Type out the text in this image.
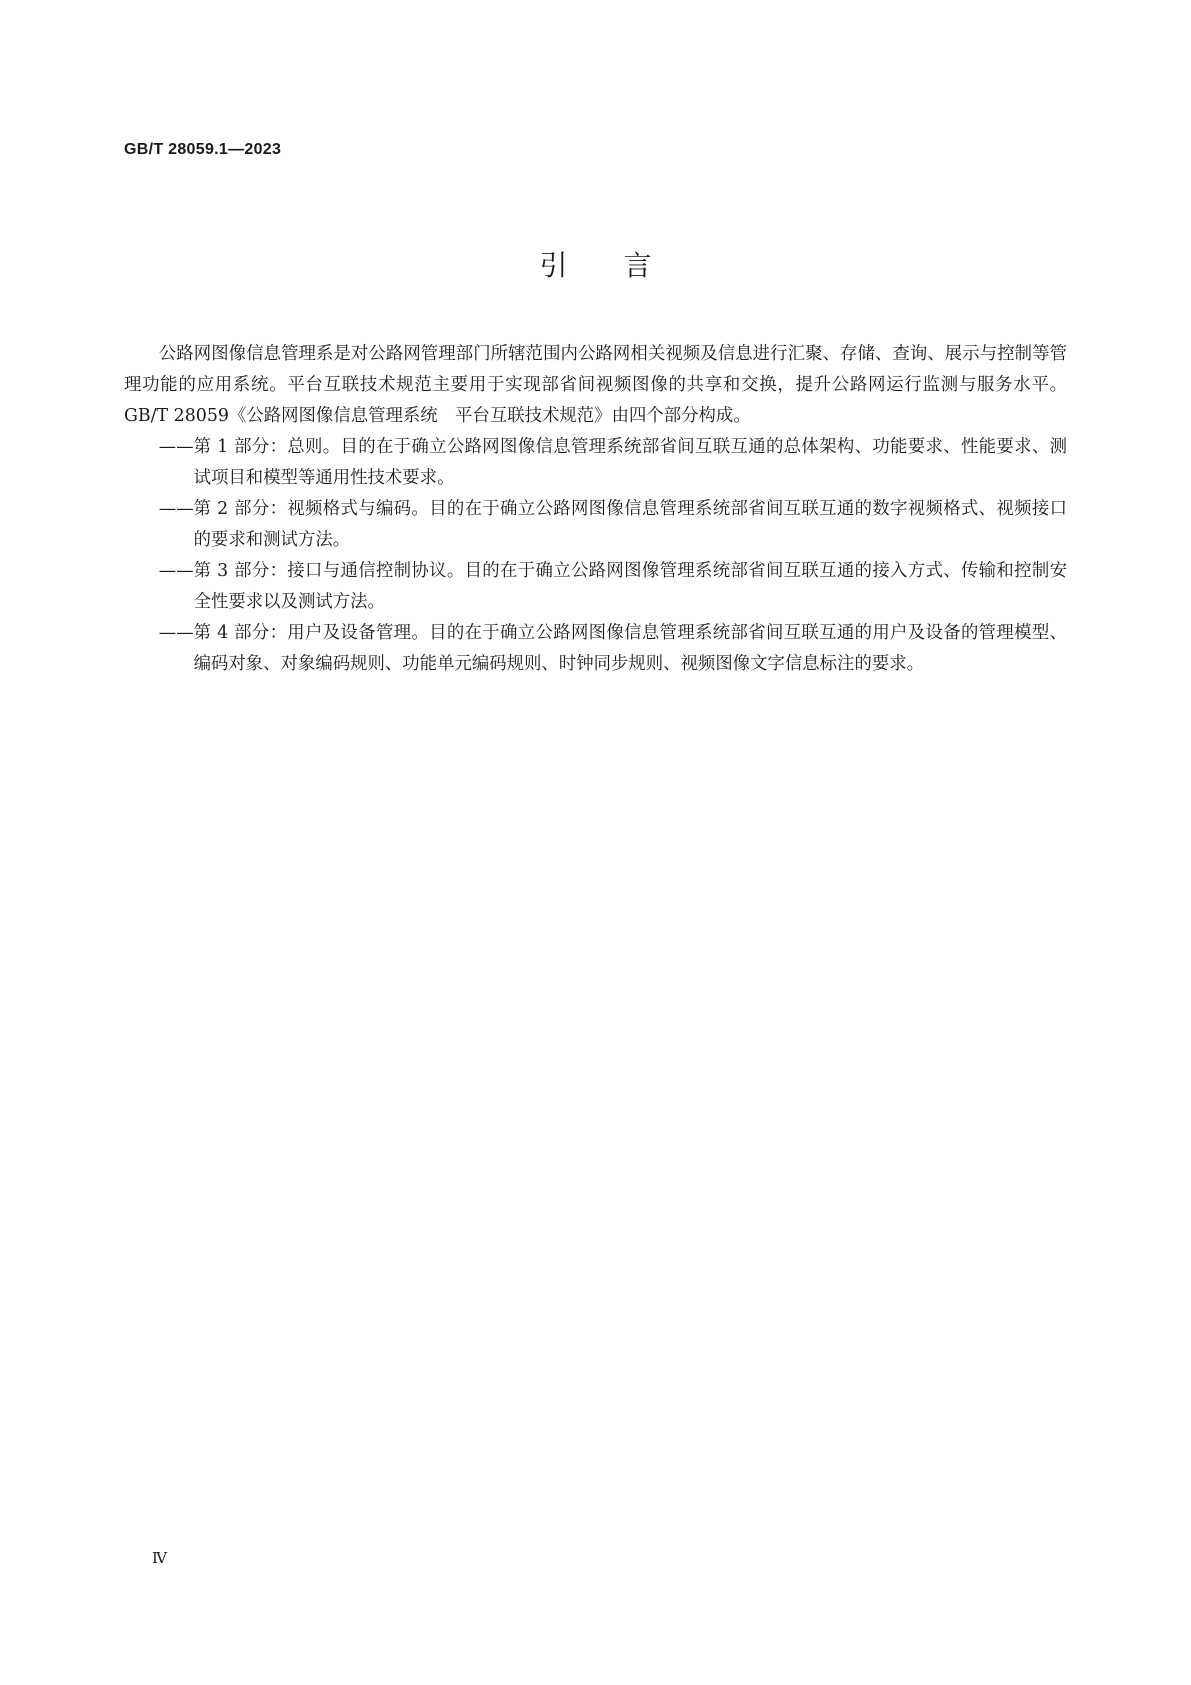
GB/T 28059.1—2023
引言

公路网图像信息管理系是对公路网管理部门所辖范围内公路网相关视频及信息进行汇聚、存储、查询、展示与控制等管理功能的应用系统。平台互联技术规范主要用于实现部省间视频图像的共享和交换，提升公路网运行监测与服务水平。GB/T 28059《公路网图像信息管理系统　平台互联技术规范》由四个部分构成。

—— 第 1 部分：总则。目的在于确立公路网图像信息管理系统部省间互联互通的总体架构、功能要求、性能要求、测试项目和模型等通用性技术要求。
—— 第 2 部分：视频格式与编码。目的在于确立公路网图像信息管理系统部省间互联互通的数字视频格式、视频接口的要求和测试方法。
—— 第 3 部分：接口与通信控制协议。目的在于确立公路网图像管理系统部省间互联互通的接入方式、传输和控制安全性要求以及测试方法。
—— 第 4 部分：用户及设备管理。目的在于确立公路网图像信息管理系统部省间互联互通的用户及设备的管理模型、编码对象、对象编码规则、功能单元编码规则、时钟同步规则、视频图像文字信息标注的要求。
Ⅳ
